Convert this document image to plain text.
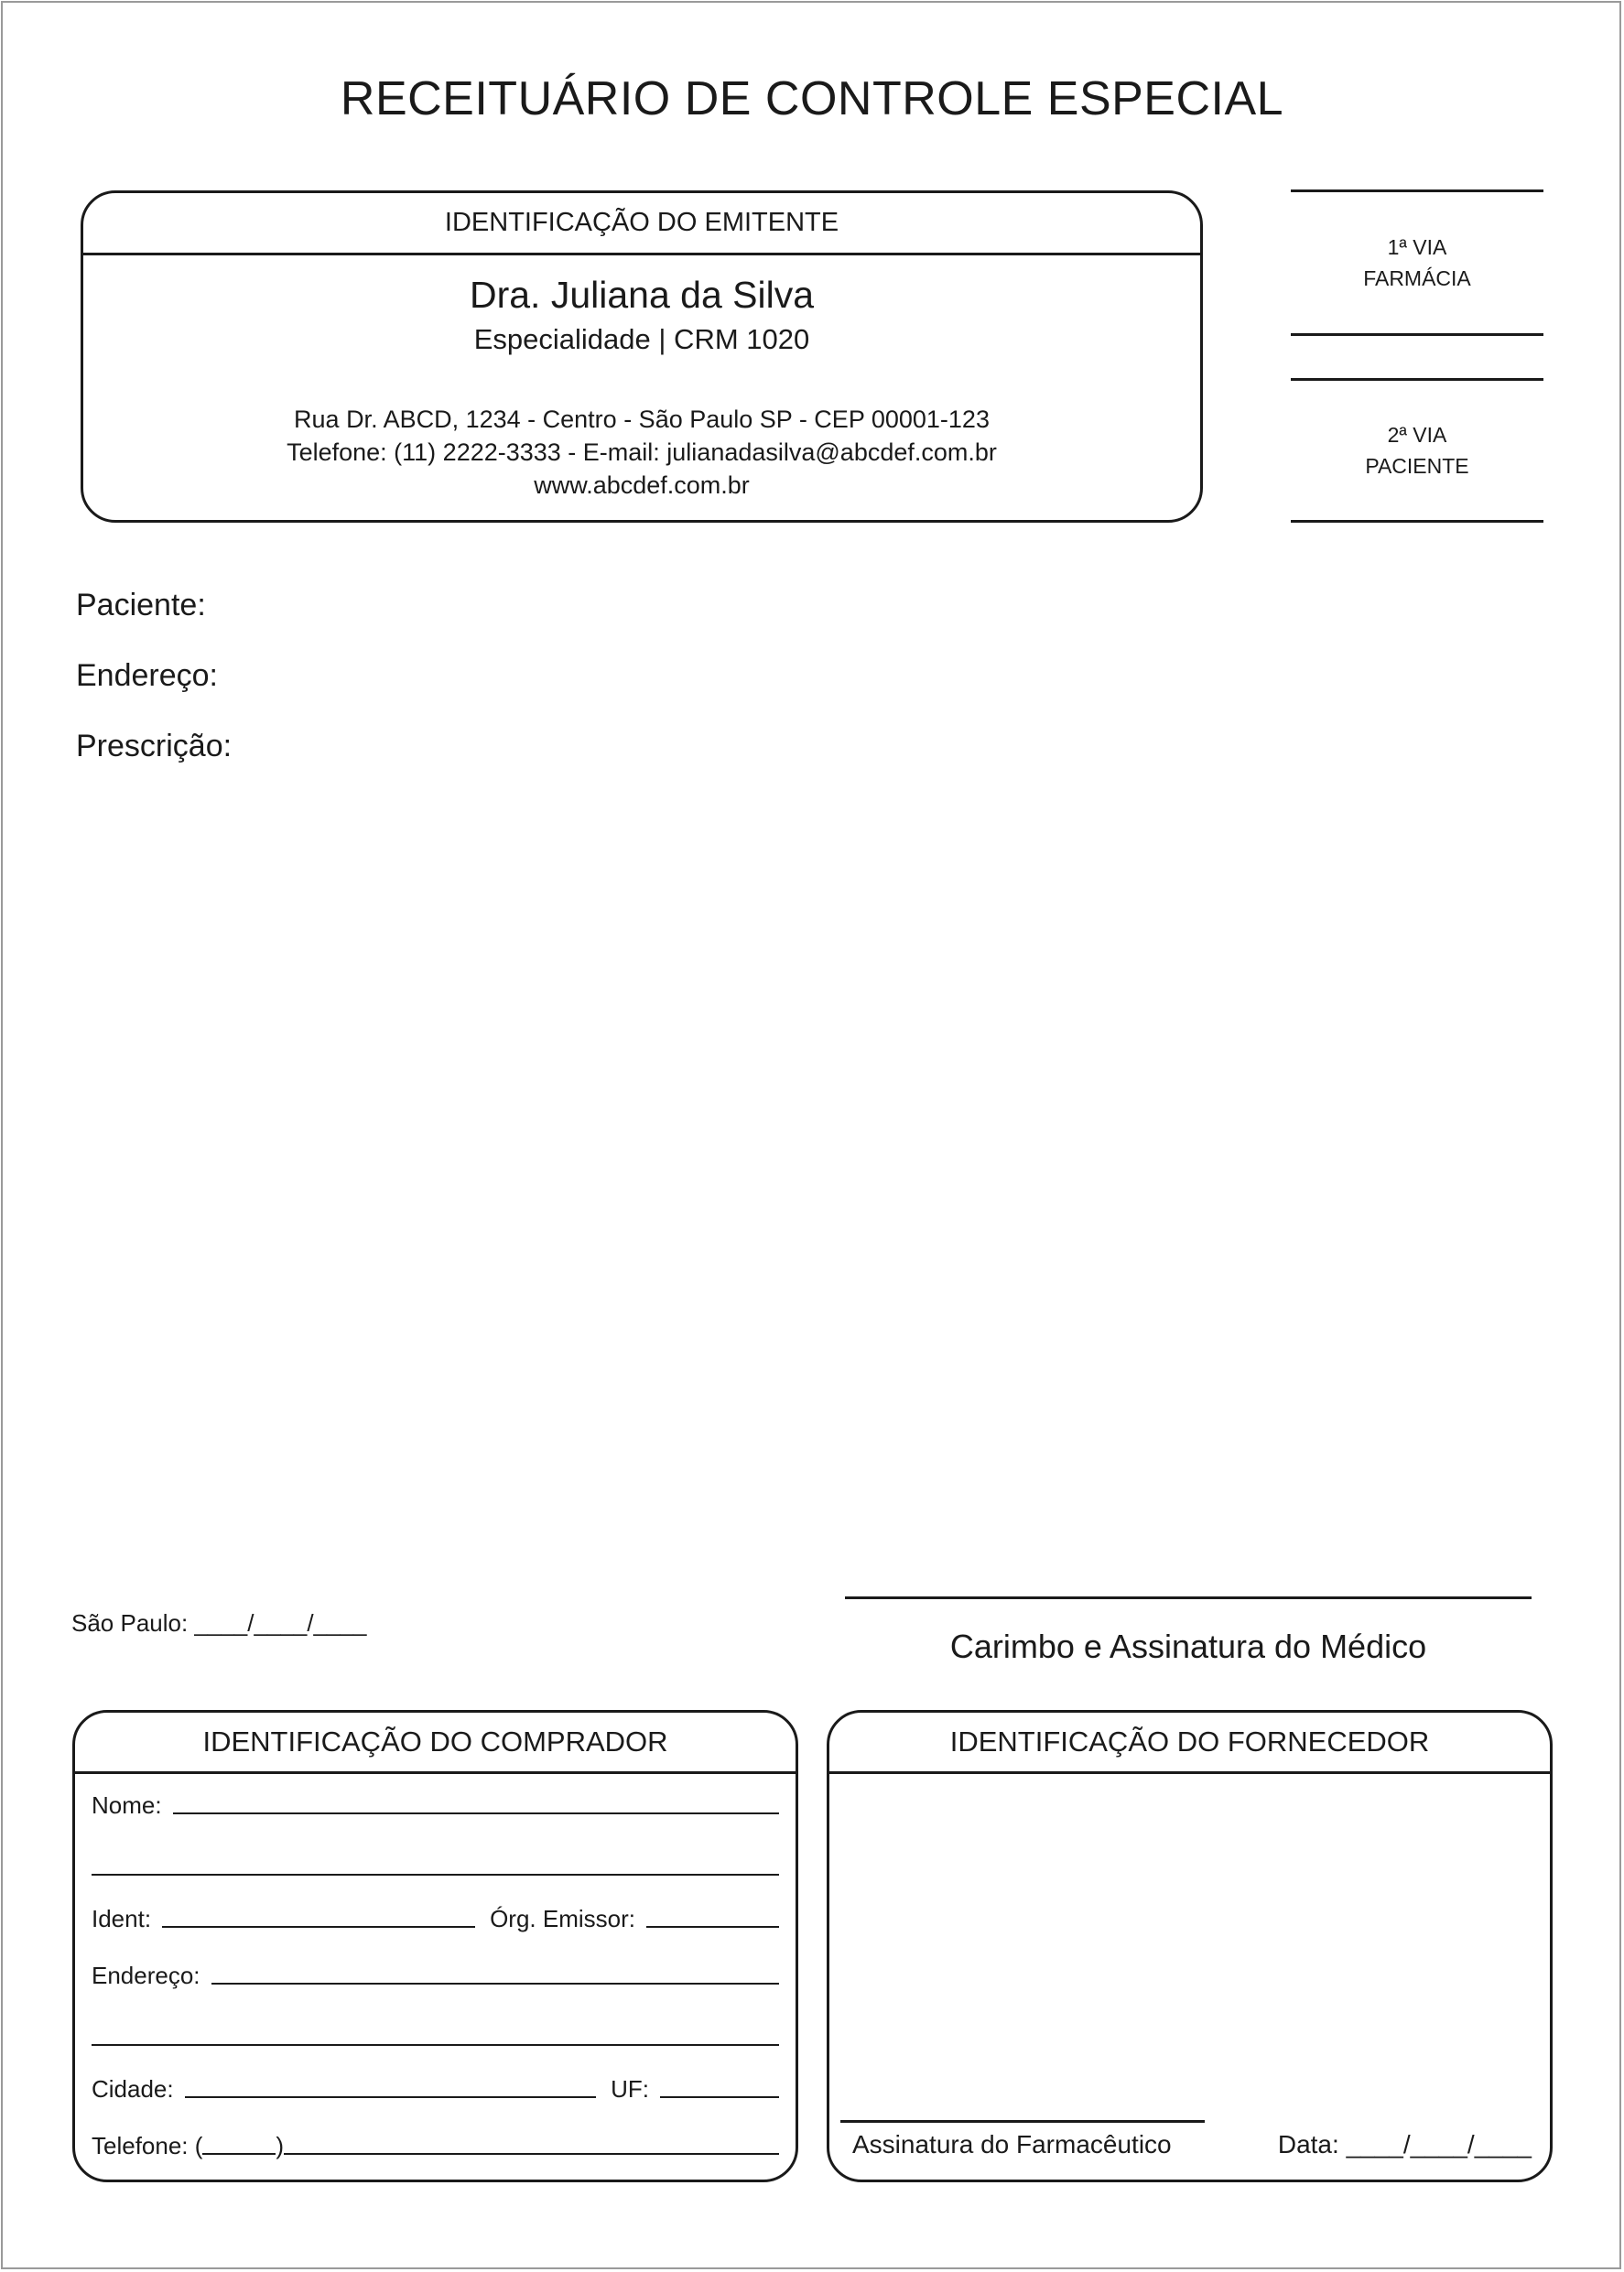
RECEITUÁRIO DE CONTROLE ESPECIAL
IDENTIFICAÇÃO DO EMITENTE
Dra. Juliana da Silva
Especialidade | CRM 1020
Rua Dr. ABCD, 1234 - Centro - São Paulo SP - CEP 00001-123
Telefone: (11) 2222-3333 - E-mail: julianadasilva@abcdef.com.br
www.abcdef.com.br
1ª VIA
FARMÁCIA
2ª VIA
PACIENTE
Paciente:
Endereço:
Prescrição:
São Paulo: ____/____/____
Carimbo e Assinatura do Médico
IDENTIFICAÇÃO DO COMPRADOR
Nome:
Ident:	Órg. Emissor:
Endereço:
Cidade:	UF:
Telefone: (	)
IDENTIFICAÇÃO DO FORNECEDOR
Assinatura do Farmacêutico	Data: ____/____/____
